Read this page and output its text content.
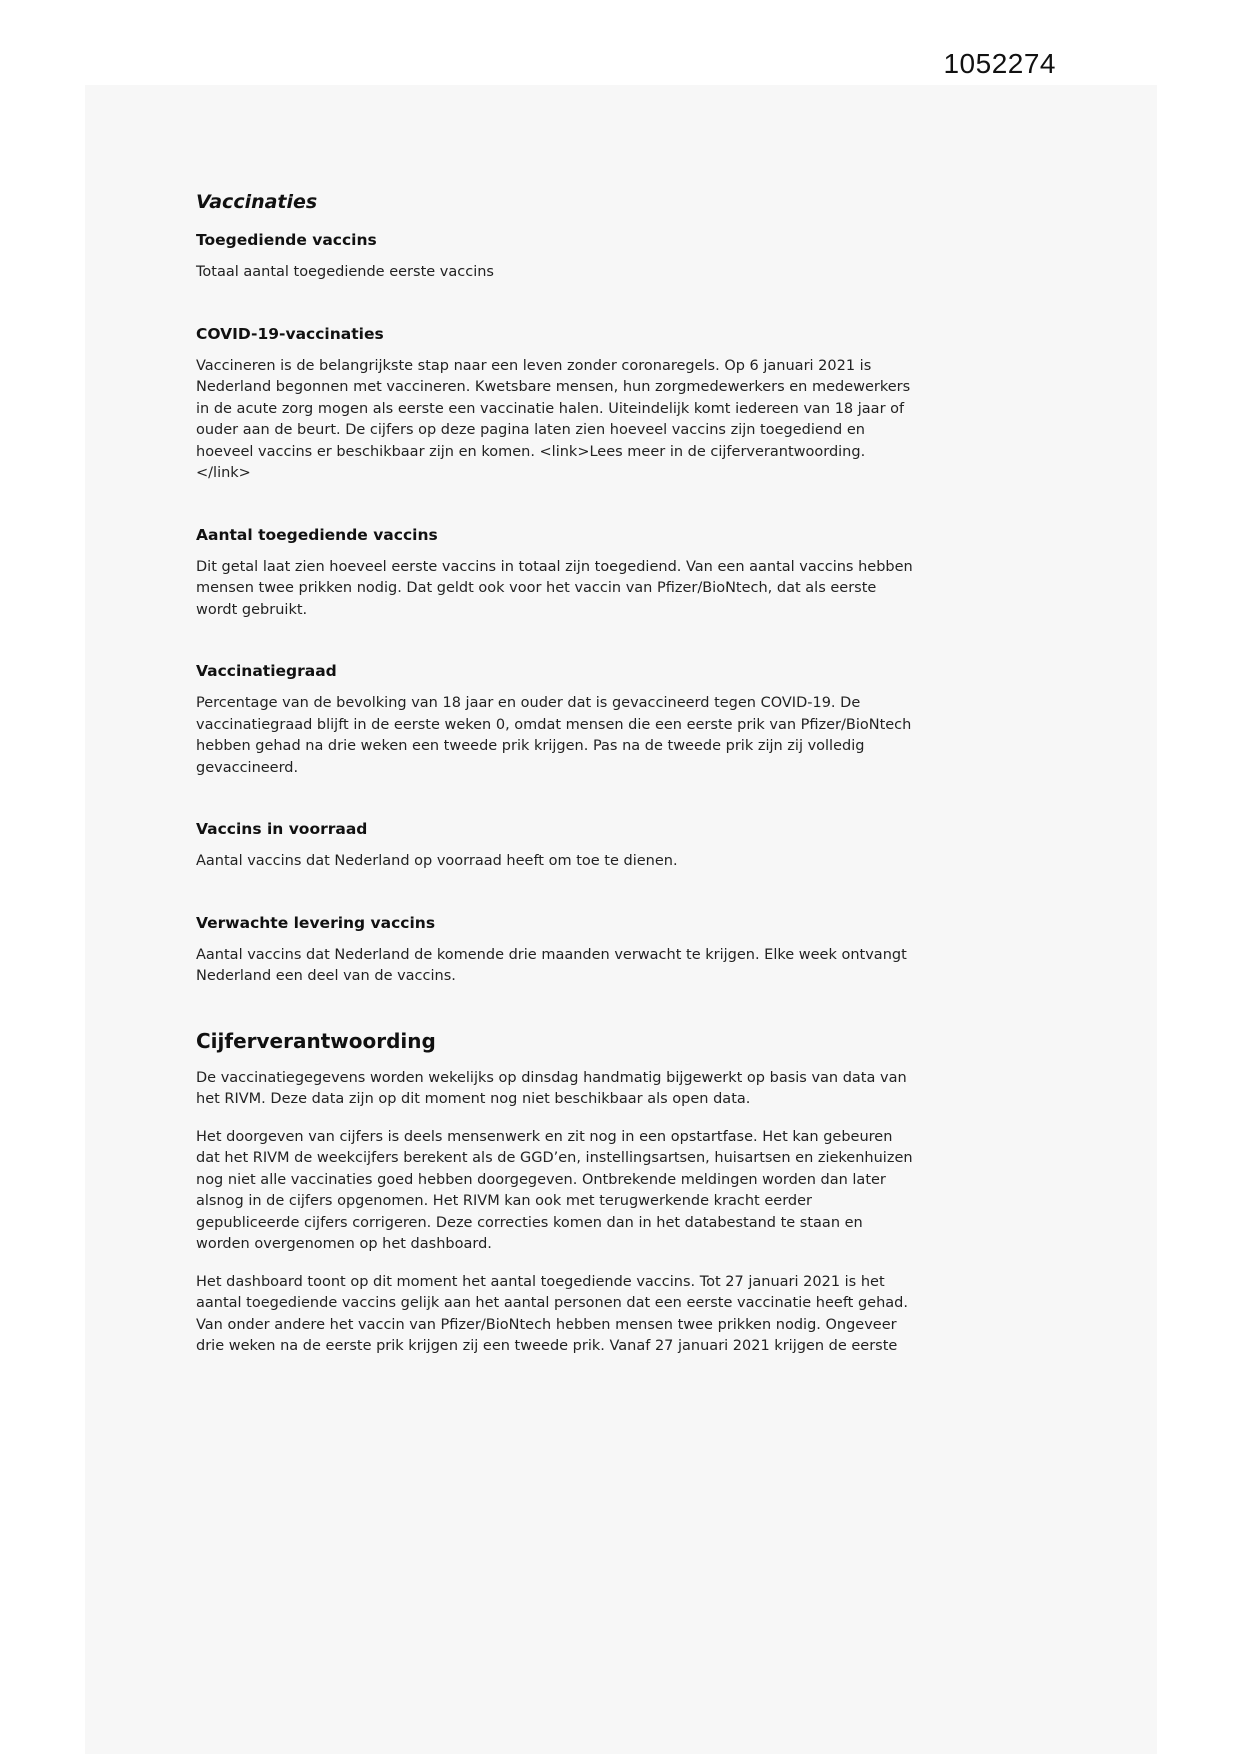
1052274
Vaccinaties
Toegediende vaccins

Totaal aantal toegediende eerste vaccins

COVID-19-vaccinaties

Vaccineren is de belangrijkste stap naar een leven zonder coronaregels. Op 6 januari 2021 is Nederland begonnen met vaccineren. Kwetsbare mensen, hun zorgmedewerkers en medewerkers in de acute zorg mogen als eerste een vaccinatie halen. Uiteindelijk komt iedereen van 18 jaar of ouder aan de beurt. De cijfers op deze pagina laten zien hoeveel vaccins zijn toegediend en hoeveel vaccins er beschikbaar zijn en komen. <link>Lees meer in de cijferverantwoording.</link>

Aantal toegediende vaccins

Dit getal laat zien hoeveel eerste vaccins in totaal zijn toegediend. Van een aantal vaccins hebben mensen twee prikken nodig. Dat geldt ook voor het vaccin van Pfizer/BioNtech, dat als eerste wordt gebruikt.

Vaccinatiegraad

Percentage van de bevolking van 18 jaar en ouder dat is gevaccineerd tegen COVID-19. De vaccinatiegraad blijft in de eerste weken 0, omdat mensen die een eerste prik van Pfizer/BioNtech hebben gehad na drie weken een tweede prik krijgen. Pas na de tweede prik zijn zij volledig gevaccineerd.

Vaccins in voorraad

Aantal vaccins dat Nederland op voorraad heeft om toe te dienen.

Verwachte levering vaccins

Aantal vaccins dat Nederland de komende drie maanden verwacht te krijgen. Elke week ontvangt Nederland een deel van de vaccins.

Cijferverantwoording

De vaccinatiegegevens worden wekelijks op dinsdag handmatig bijgewerkt op basis van data van het RIVM. Deze data zijn op dit moment nog niet beschikbaar als open data.

Het doorgeven van cijfers is deels mensenwerk en zit nog in een opstartfase. Het kan gebeuren dat het RIVM de weekcijfers berekent als de GGD’en, instellingsartsen, huisartsen en ziekenhuizen nog niet alle vaccinaties goed hebben doorgegeven. Ontbrekende meldingen worden dan later alsnog in de cijfers opgenomen. Het RIVM kan ook met terugwerkende kracht eerder gepubliceerde cijfers corrigeren. Deze correcties komen dan in het databestand te staan en worden overgenomen op het dashboard.

Het dashboard toont op dit moment het aantal toegediende vaccins. Tot 27 januari 2021 is het aantal toegediende vaccins gelijk aan het aantal personen dat een eerste vaccinatie heeft gehad. Van onder andere het vaccin van Pfizer/BioNtech hebben mensen twee prikken nodig. Ongeveer drie weken na de eerste prik krijgen zij een tweede prik. Vanaf 27 januari 2021 krijgen de eerste
